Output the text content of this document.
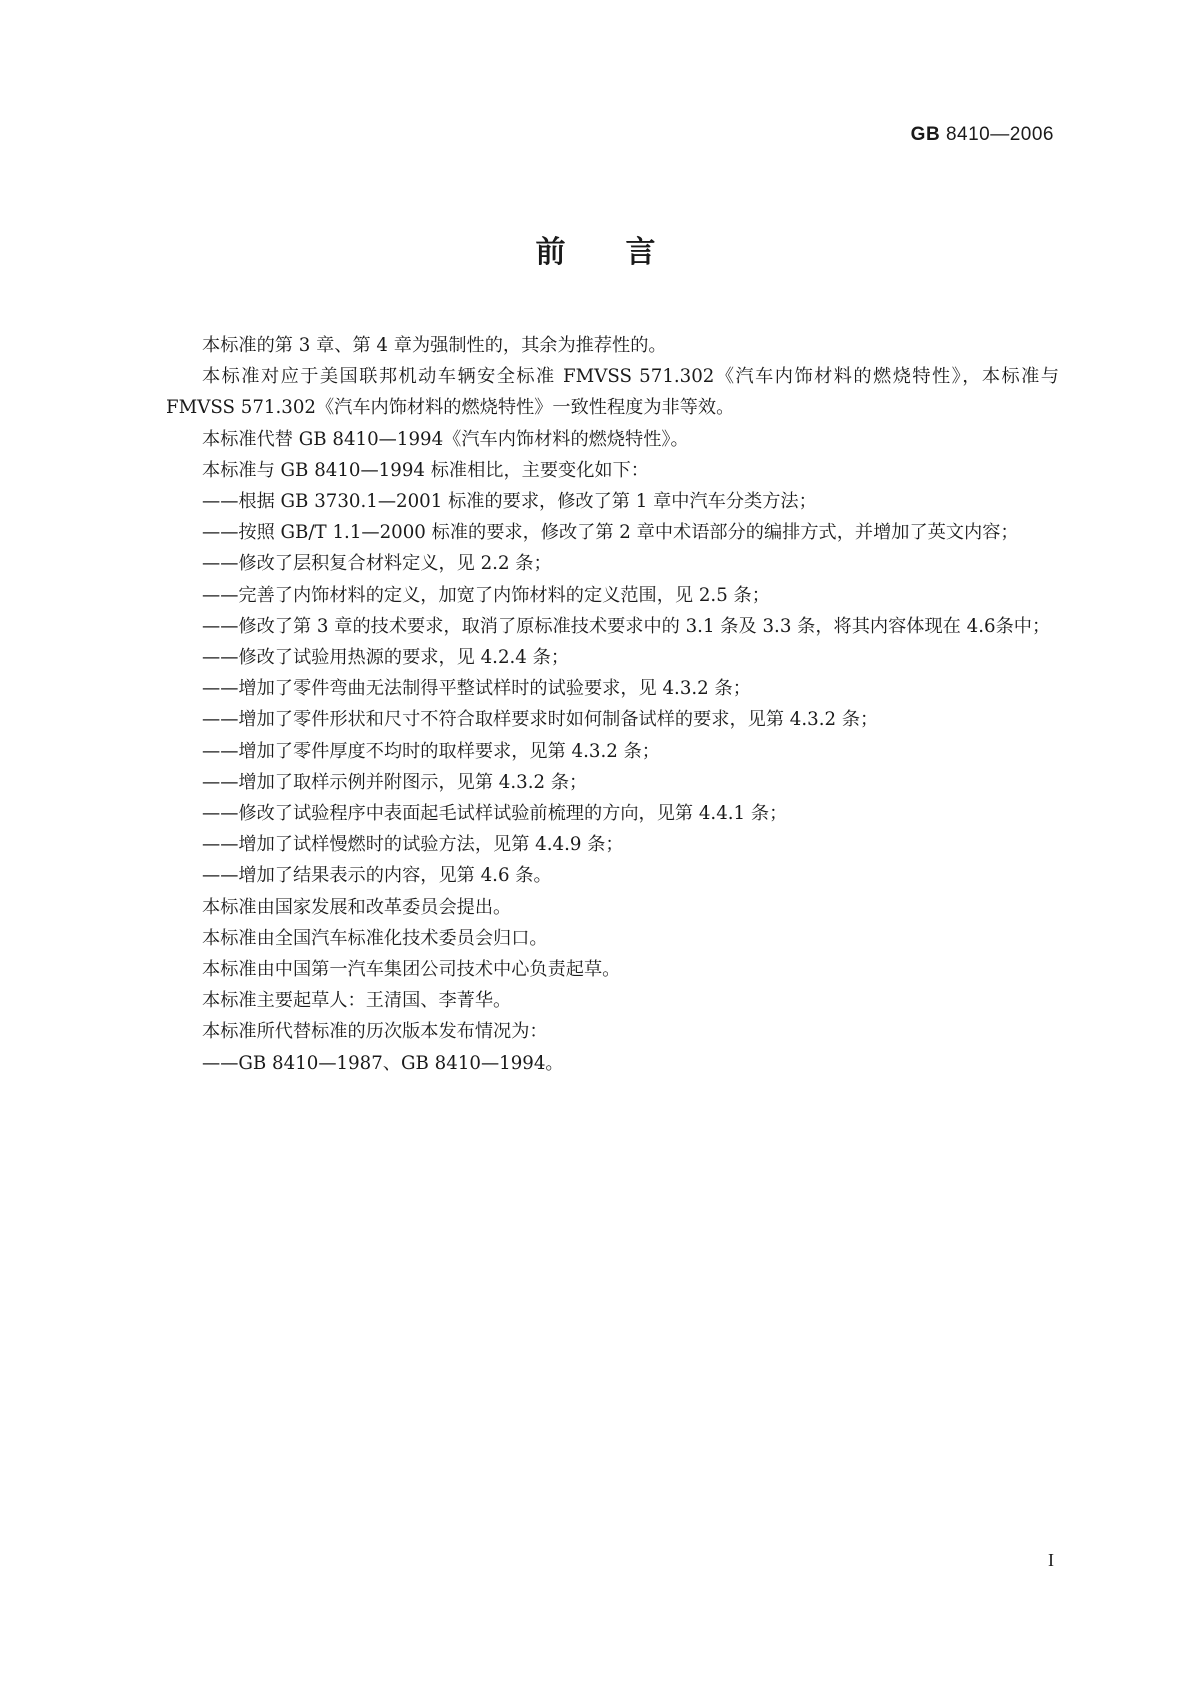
GB 8410—2006
前言

本标准的第 3 章、第 4 章为强制性的，其余为推荐性的。

本标准对应于美国联邦机动车辆安全标准 FMVSS 571.302《汽车内饰材料的燃烧特性》，本标准与FMVSS 571.302《汽车内饰材料的燃烧特性》一致性程度为非等效。

本标准代替 GB 8410—1994《汽车内饰材料的燃烧特性》。

本标准与 GB 8410—1994 标准相比，主要变化如下：

——根据 GB 3730.1—2001 标准的要求，修改了第 1 章中汽车分类方法；

——按照 GB/T 1.1—2000 标准的要求，修改了第 2 章中术语部分的编排方式，并增加了英文内容；

——修改了层积复合材料定义，见 2.2 条；

——完善了内饰材料的定义，加宽了内饰材料的定义范围，见 2.5 条；

——修改了第 3 章的技术要求，取消了原标准技术要求中的 3.1 条及 3.3 条，将其内容体现在 4.6条中；

——修改了试验用热源的要求，见 4.2.4 条；

——增加了零件弯曲无法制得平整试样时的试验要求，见 4.3.2 条；

——增加了零件形状和尺寸不符合取样要求时如何制备试样的要求，见第 4.3.2 条；

——增加了零件厚度不均时的取样要求，见第 4.3.2 条；

——增加了取样示例并附图示，见第 4.3.2 条；

——修改了试验程序中表面起毛试样试验前梳理的方向，见第 4.4.1 条；

——增加了试样慢燃时的试验方法，见第 4.4.9 条；

——增加了结果表示的内容，见第 4.6 条。

本标准由国家发展和改革委员会提出。

本标准由全国汽车标准化技术委员会归口。

本标准由中国第一汽车集团公司技术中心负责起草。

本标准主要起草人：王清国、李菁华。

本标准所代替标准的历次版本发布情况为：

——GB 8410—1987、GB 8410—1994。

I
